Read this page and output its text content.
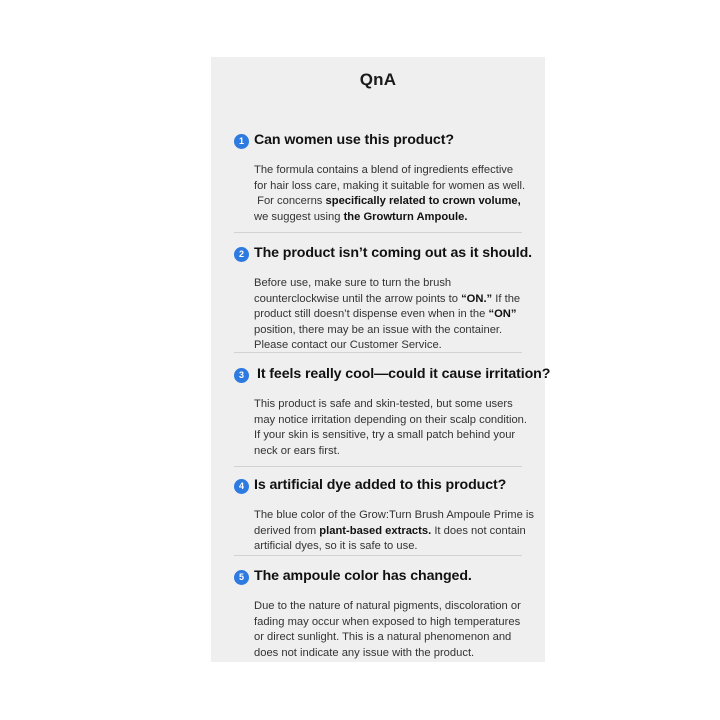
QnA
1 Can women use this product?

The formula contains a blend of ingredients effective

for hair loss care, making it suitable for women as well.

For concerns specifically related to crown volume,

we suggest using the Growturn Ampoule.

2 The product isn’t coming out as it should.

Before use, make sure to turn the brush

counterclockwise until the arrow points to “ON.” If the

product still doesn’t dispense even when in the “ON”

position, there may be an issue with the container.

Please contact our Customer Service.

3 It feels really cool—could it cause irritation?

This product is safe and skin-tested, but some users

may notice irritation depending on their scalp condition.

If your skin is sensitive, try a small patch behind your

neck or ears first.

4 Is artificial dye added to this product?

The blue color of the Grow:Turn Brush Ampoule Prime is

derived from plant-based extracts. It does not contain

artificial dyes, so it is safe to use.

5 The ampoule color has changed.

Due to the nature of natural pigments, discoloration or

fading may occur when exposed to high temperatures

or direct sunlight. This is a natural phenomenon and

does not indicate any issue with the product.
